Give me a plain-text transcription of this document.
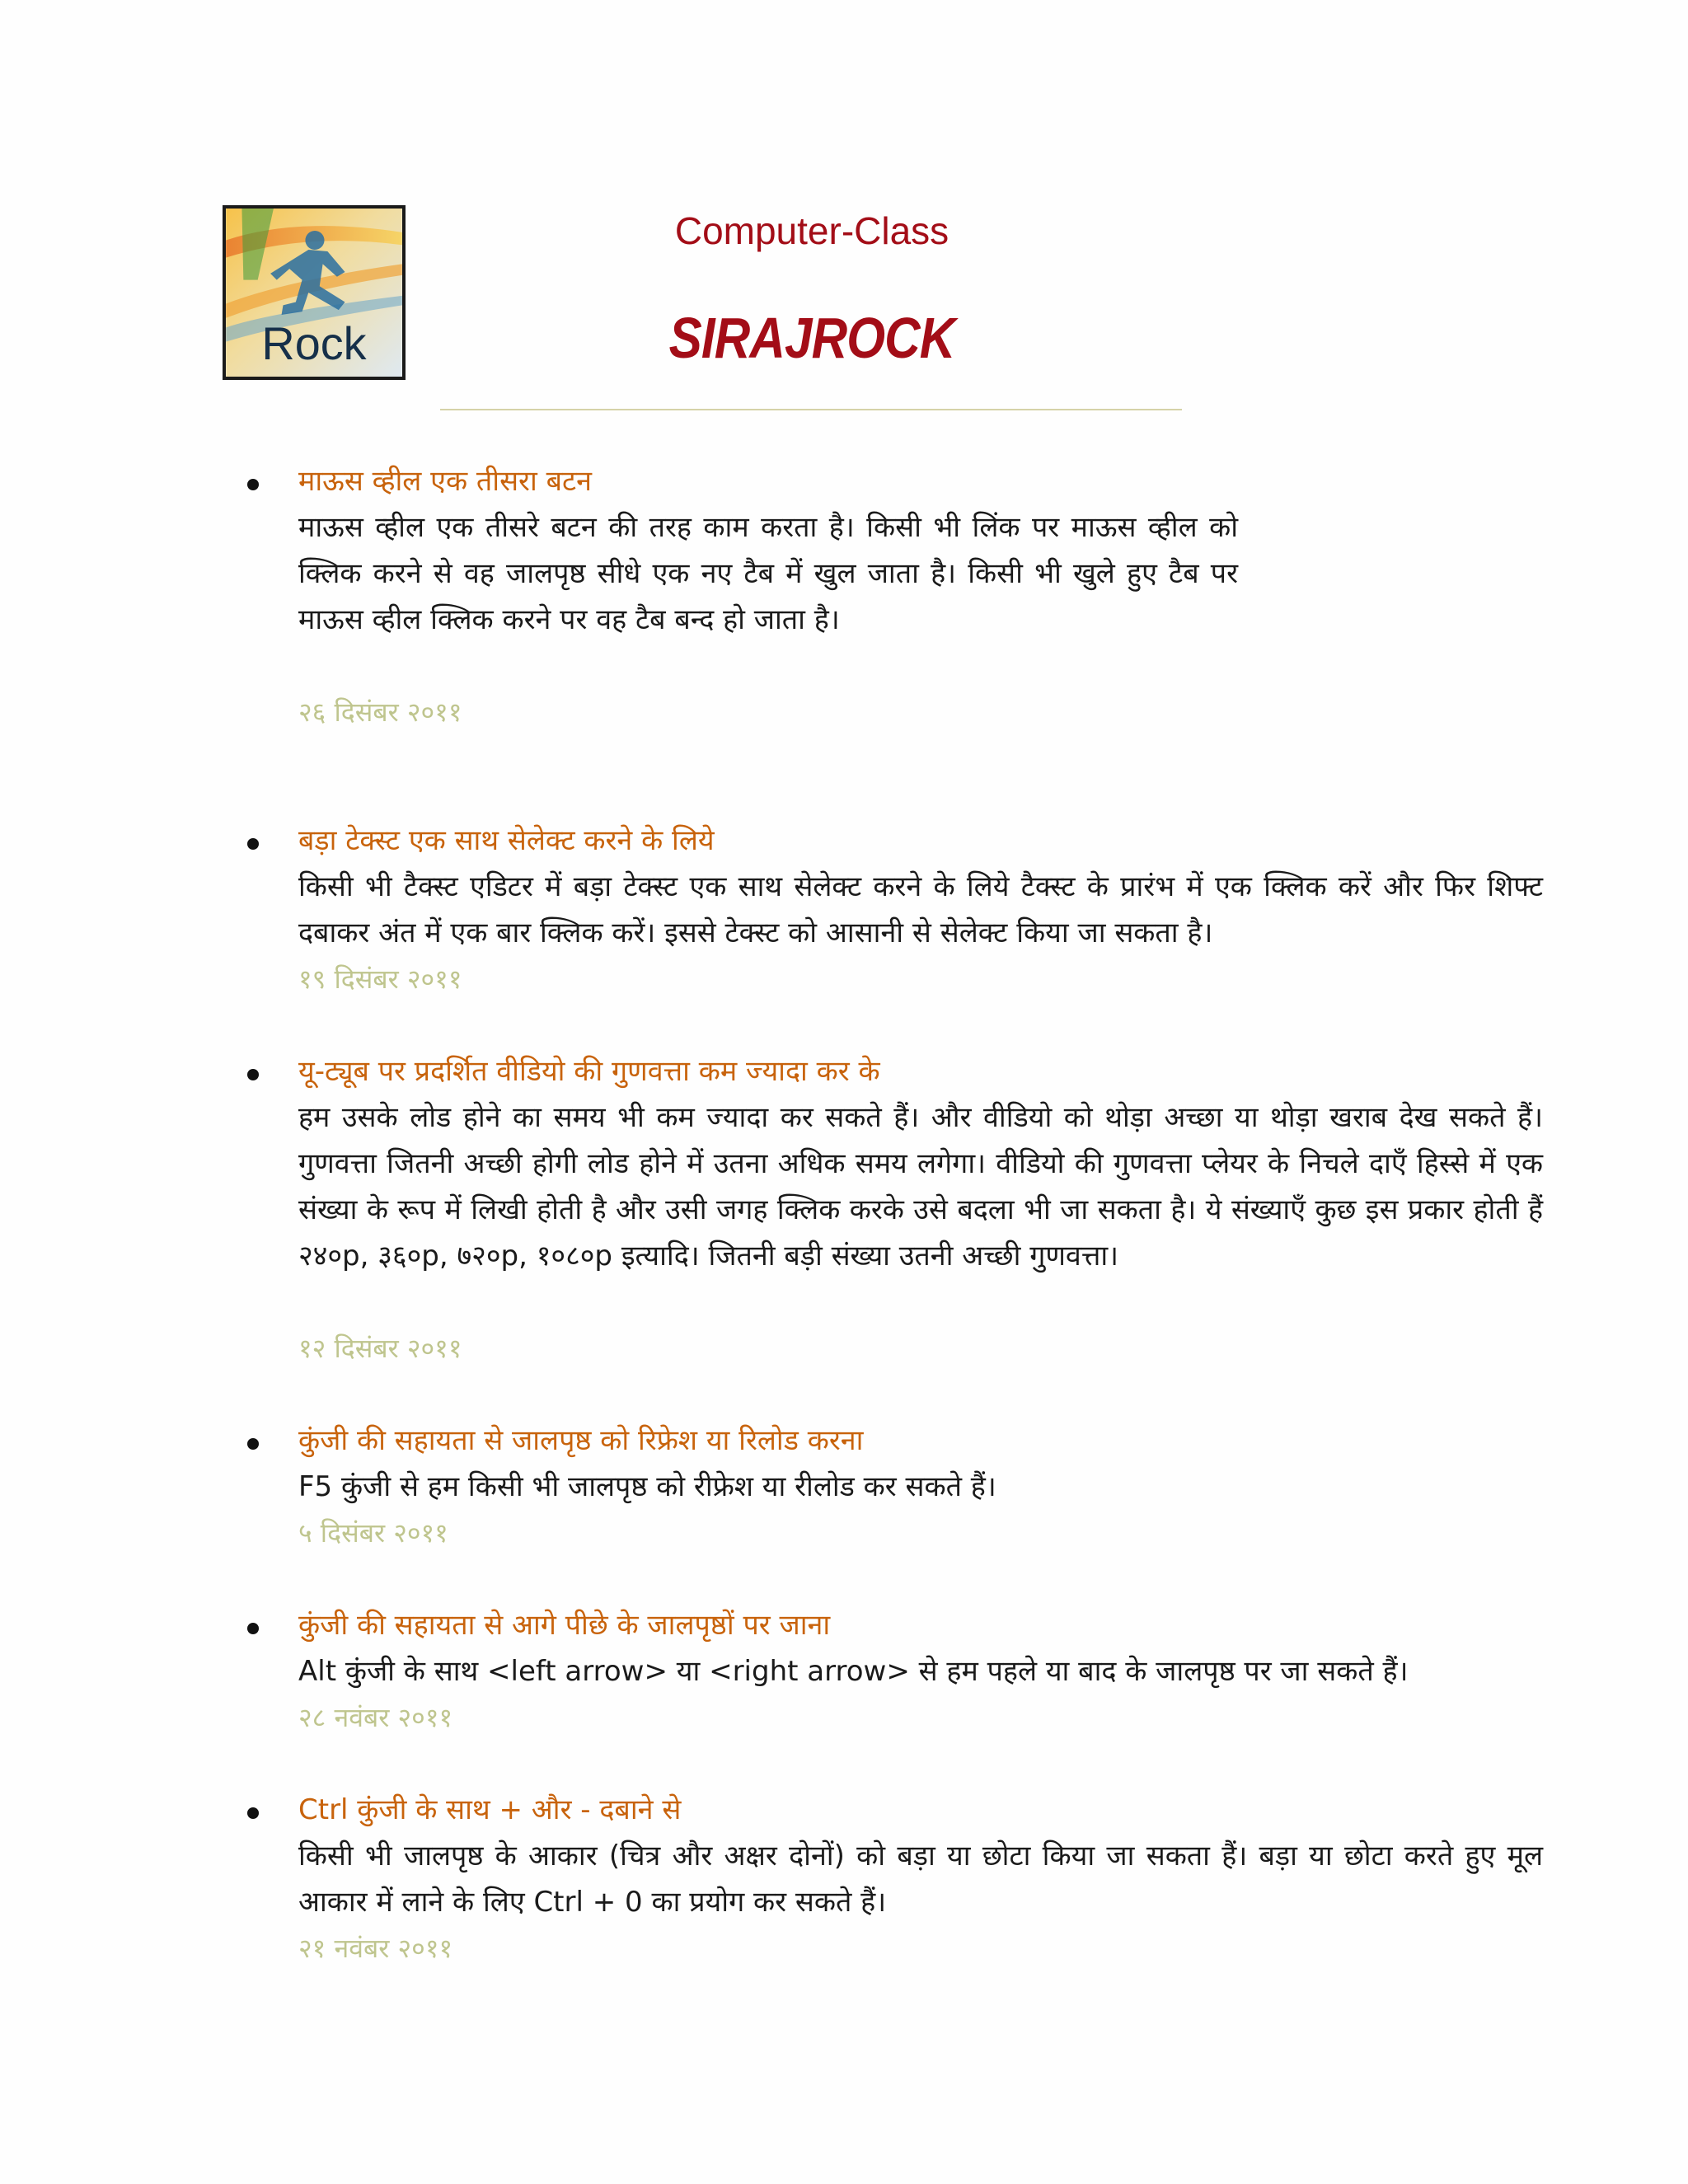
Rock
Computer-Class
SIRAJROCK
माऊस व्हील एक तीसरा बटन
माऊस व्हील एक तीसरे बटन की तरह काम करता है। किसी भी लिंक पर माऊस व्हील को क्लिक करने से वह जालपृष्ठ सीधे एक नए टैब में खुल जाता है। किसी भी खुले हुए टैब पर माऊस व्हील क्लिक करने पर वह टैब बन्द हो जाता है।
२६ दिसंबर २०११
बड़ा टेक्स्ट एक साथ सेलेक्ट करने के लिये
किसी भी टैक्स्ट एडिटर में बड़ा टेक्स्ट एक साथ सेलेक्ट करने के लिये टैक्स्ट के प्रारंभ में एक क्लिक करें और फिर शिफ्ट दबाकर अंत में एक बार क्लिक करें। इससे टेक्स्ट को आसानी से सेलेक्ट किया जा सकता है।
१९ दिसंबर २०११
यू-ट्यूब पर प्रदर्शित वीडियो की गुणवत्ता कम ज्यादा कर के
हम उसके लोड होने का समय भी कम ज्यादा कर सकते हैं। और वीडियो को थोड़ा अच्छा या थोड़ा खराब देख सकते हैं। गुणवत्ता जितनी अच्छी होगी लोड होने में उतना अधिक समय लगेगा। वीडियो की गुणवत्ता प्लेयर के निचले दाएँ हिस्से में एक संख्या के रूप में लिखी होती है और उसी जगह क्लिक करके उसे बदला भी जा सकता है। ये संख्याएँ कुछ इस प्रकार होती हैं २४०p, ३६०p, ७२०p, १०८०p इत्यादि। जितनी बड़ी संख्या उतनी अच्छी गुणवत्ता।
१२ दिसंबर २०११
कुंजी की सहायता से जालपृष्ठ को रिफ्रेश या रिलोड करना
F5 कुंजी से हम किसी भी जालपृष्ठ को रीफ्रेश या रीलोड कर सकते हैं।
५ दिसंबर २०११
कुंजी की सहायता से आगे पीछे के जालपृष्ठों पर जाना
Alt कुंजी के साथ <left arrow> या <right arrow> से हम पहले या बाद के जालपृष्ठ पर जा सकते हैं।
२८ नवंबर २०११
Ctrl कुंजी के साथ + और - दबाने से
किसी भी जालपृष्ठ के आकार (चित्र और अक्षर दोनों) को बड़ा या छोटा किया जा सकता हैं। बड़ा या छोटा करते हुए मूल आकार में लाने के लिए Ctrl + 0 का प्रयोग कर सकते हैं।
२१ नवंबर २०११
